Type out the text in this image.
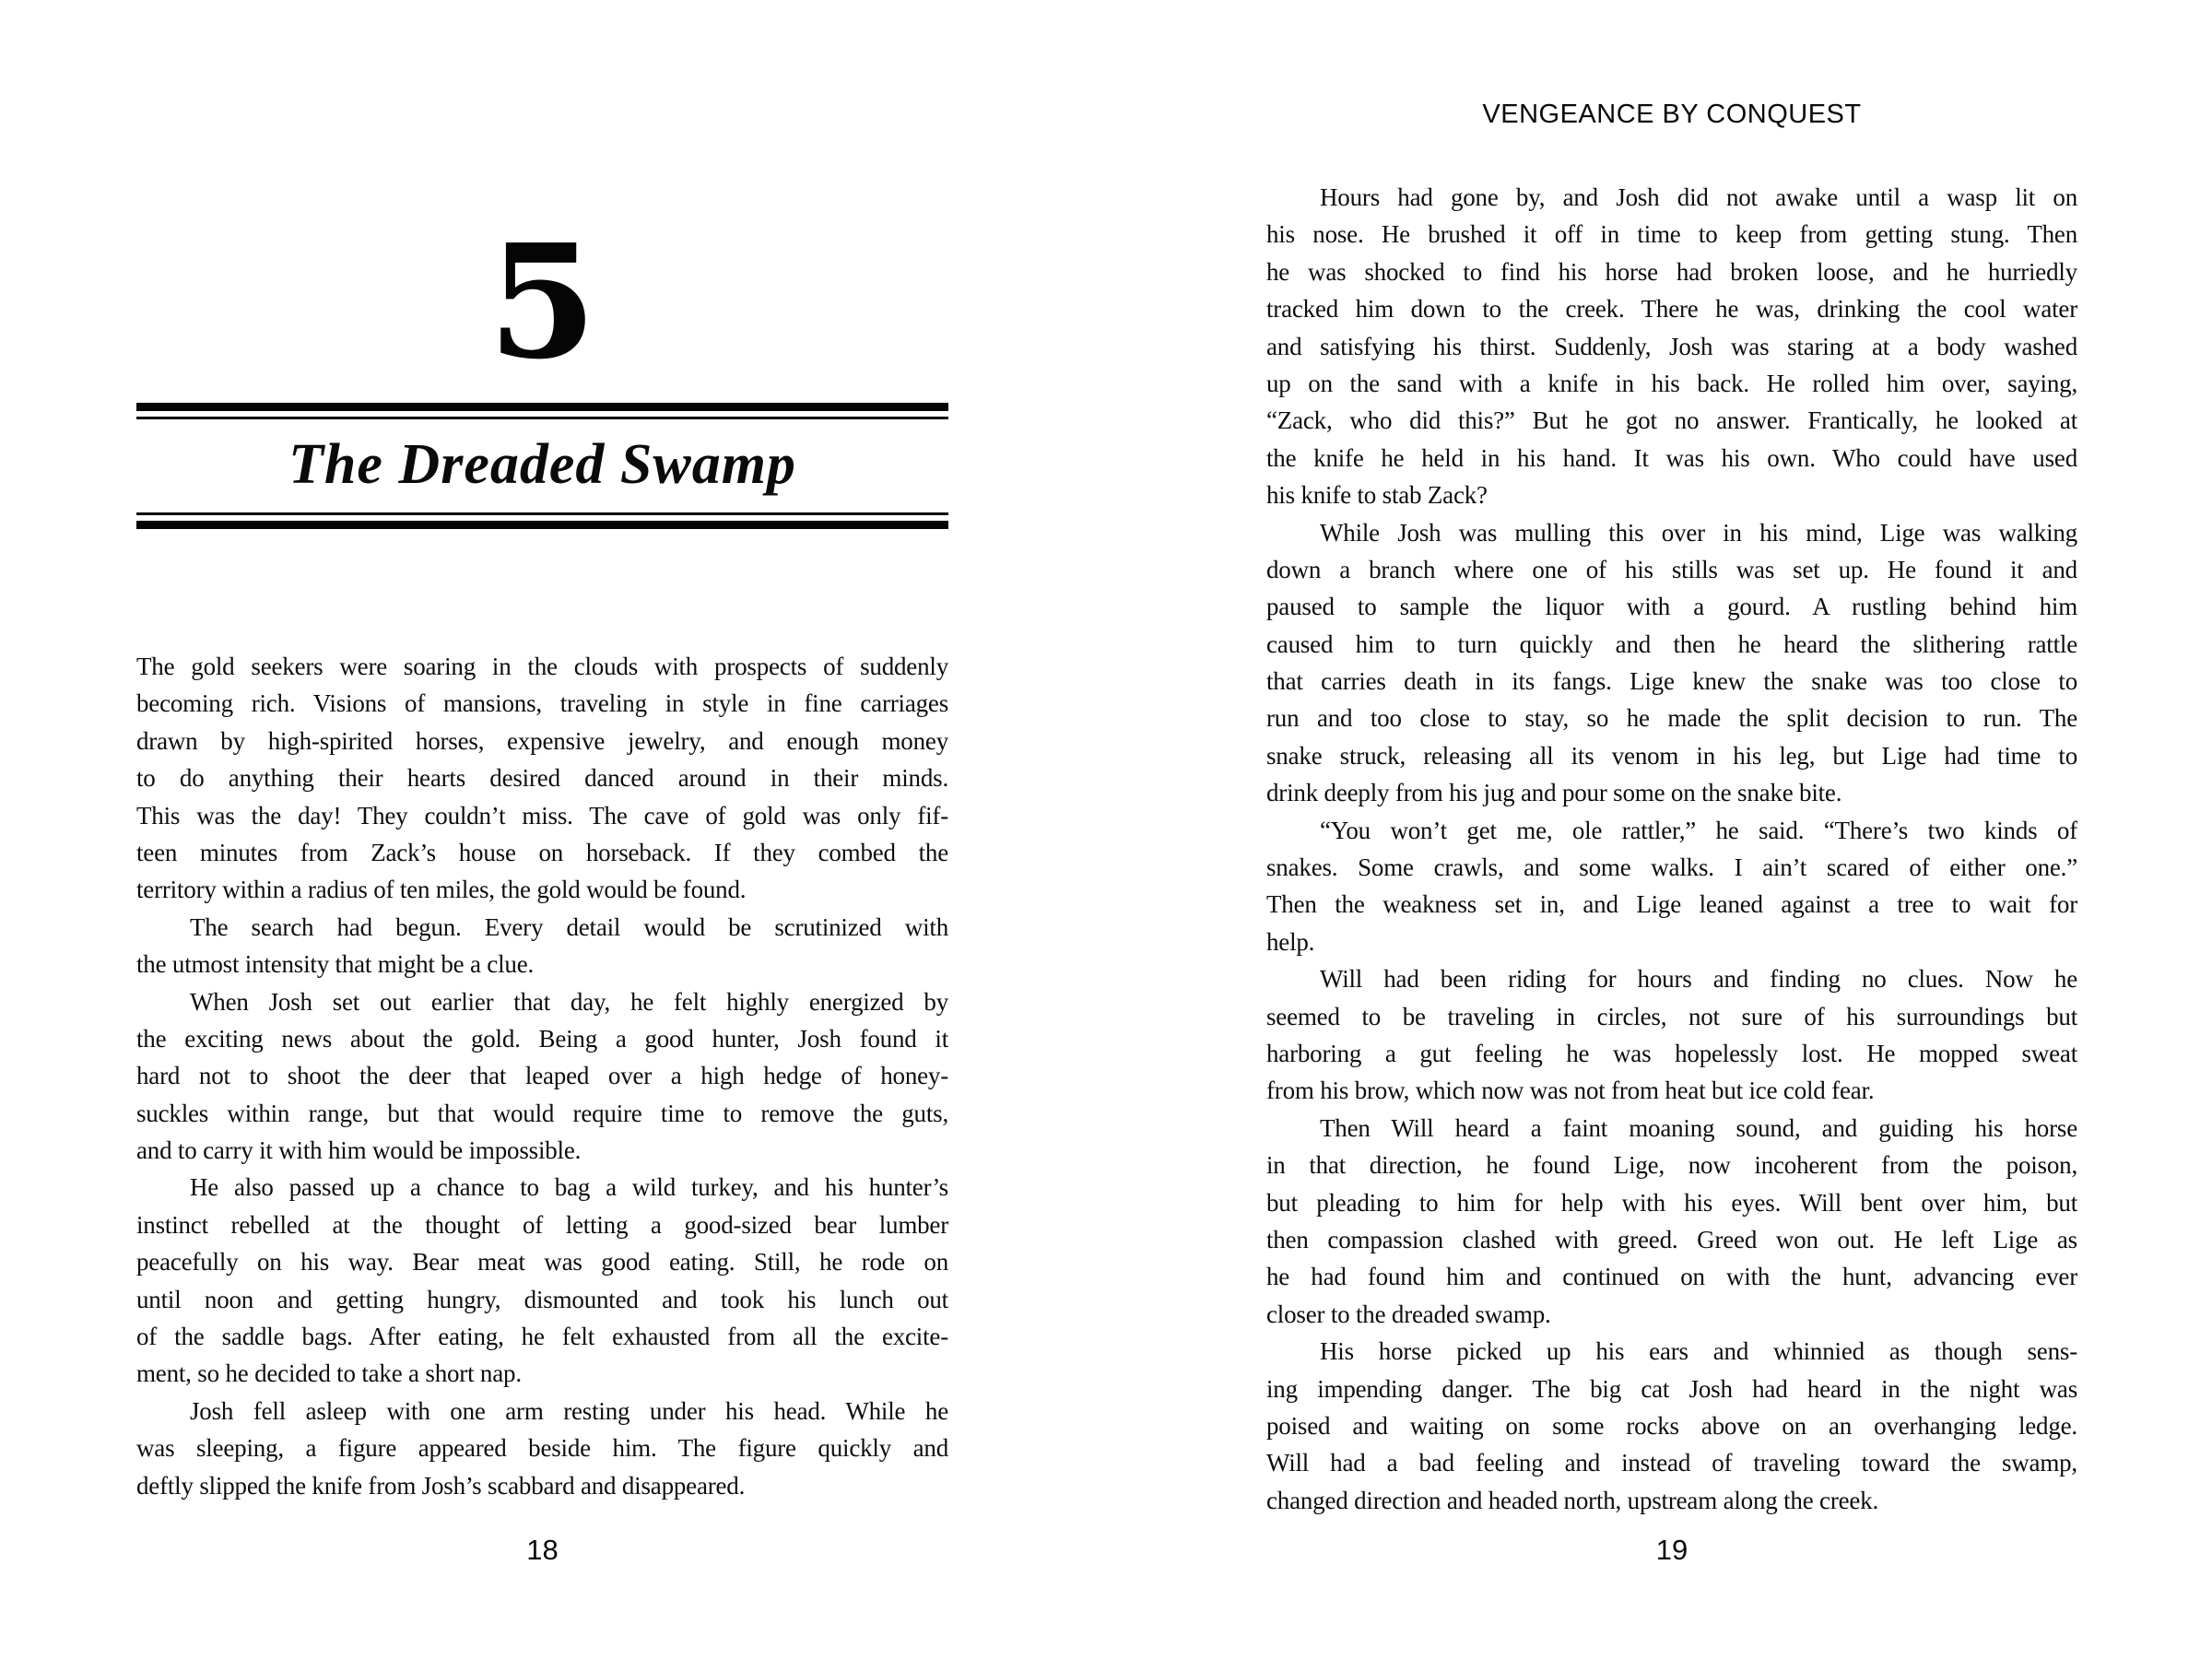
5
The Dreaded Swamp
The gold seekers were soaring in the clouds with prospects of suddenly
becoming rich. Visions of mansions, traveling in style in fine carriages
drawn by high-spirited horses, expensive jewelry, and enough money
to do anything their hearts desired danced around in their minds.
This was the day! They couldn’t miss. The cave of gold was only fif-
teen minutes from Zack’s house on horseback. If they combed the
territory within a radius of ten miles, the gold would be found.
The search had begun. Every detail would be scrutinized with
the utmost intensity that might be a clue.
When Josh set out earlier that day, he felt highly energized by
the exciting news about the gold. Being a good hunter, Josh found it
hard not to shoot the deer that leaped over a high hedge of honey-
suckles within range, but that would require time to remove the guts,
and to carry it with him would be impossible.
He also passed up a chance to bag a wild turkey, and his hunter’s
instinct rebelled at the thought of letting a good-sized bear lumber
peacefully on his way. Bear meat was good eating. Still, he rode on
until noon and getting hungry, dismounted and took his lunch out
of the saddle bags. After eating, he felt exhausted from all the excite-
ment, so he decided to take a short nap.
Josh fell asleep with one arm resting under his head. While he
was sleeping, a figure appeared beside him. The figure quickly and
deftly slipped the knife from Josh’s scabbard and disappeared.
18
VENGEANCE BY CONQUEST
Hours had gone by, and Josh did not awake until a wasp lit on
his nose. He brushed it off in time to keep from getting stung. Then
he was shocked to find his horse had broken loose, and he hurriedly
tracked him down to the creek. There he was, drinking the cool water
and satisfying his thirst. Suddenly, Josh was staring at a body washed
up on the sand with a knife in his back. He rolled him over, saying,
“Zack, who did this?” But he got no answer. Frantically, he looked at
the knife he held in his hand. It was his own. Who could have used
his knife to stab Zack?
While Josh was mulling this over in his mind, Lige was walking
down a branch where one of his stills was set up. He found it and
paused to sample the liquor with a gourd. A rustling behind him
caused him to turn quickly and then he heard the slithering rattle
that carries death in its fangs. Lige knew the snake was too close to
run and too close to stay, so he made the split decision to run. The
snake struck, releasing all its venom in his leg, but Lige had time to
drink deeply from his jug and pour some on the snake bite.
“You won’t get me, ole rattler,” he said. “There’s two kinds of
snakes. Some crawls, and some walks. I ain’t scared of either one.”
Then the weakness set in, and Lige leaned against a tree to wait for
help.
Will had been riding for hours and finding no clues. Now he
seemed to be traveling in circles, not sure of his surroundings but
harboring a gut feeling he was hopelessly lost. He mopped sweat
from his brow, which now was not from heat but ice cold fear.
Then Will heard a faint moaning sound, and guiding his horse
in that direction, he found Lige, now incoherent from the poison,
but pleading to him for help with his eyes. Will bent over him, but
then compassion clashed with greed. Greed won out. He left Lige as
he had found him and continued on with the hunt, advancing ever
closer to the dreaded swamp.
His horse picked up his ears and whinnied as though sens-
ing impending danger. The big cat Josh had heard in the night was
poised and waiting on some rocks above on an overhanging ledge.
Will had a bad feeling and instead of traveling toward the swamp,
changed direction and headed north, upstream along the creek.
19
